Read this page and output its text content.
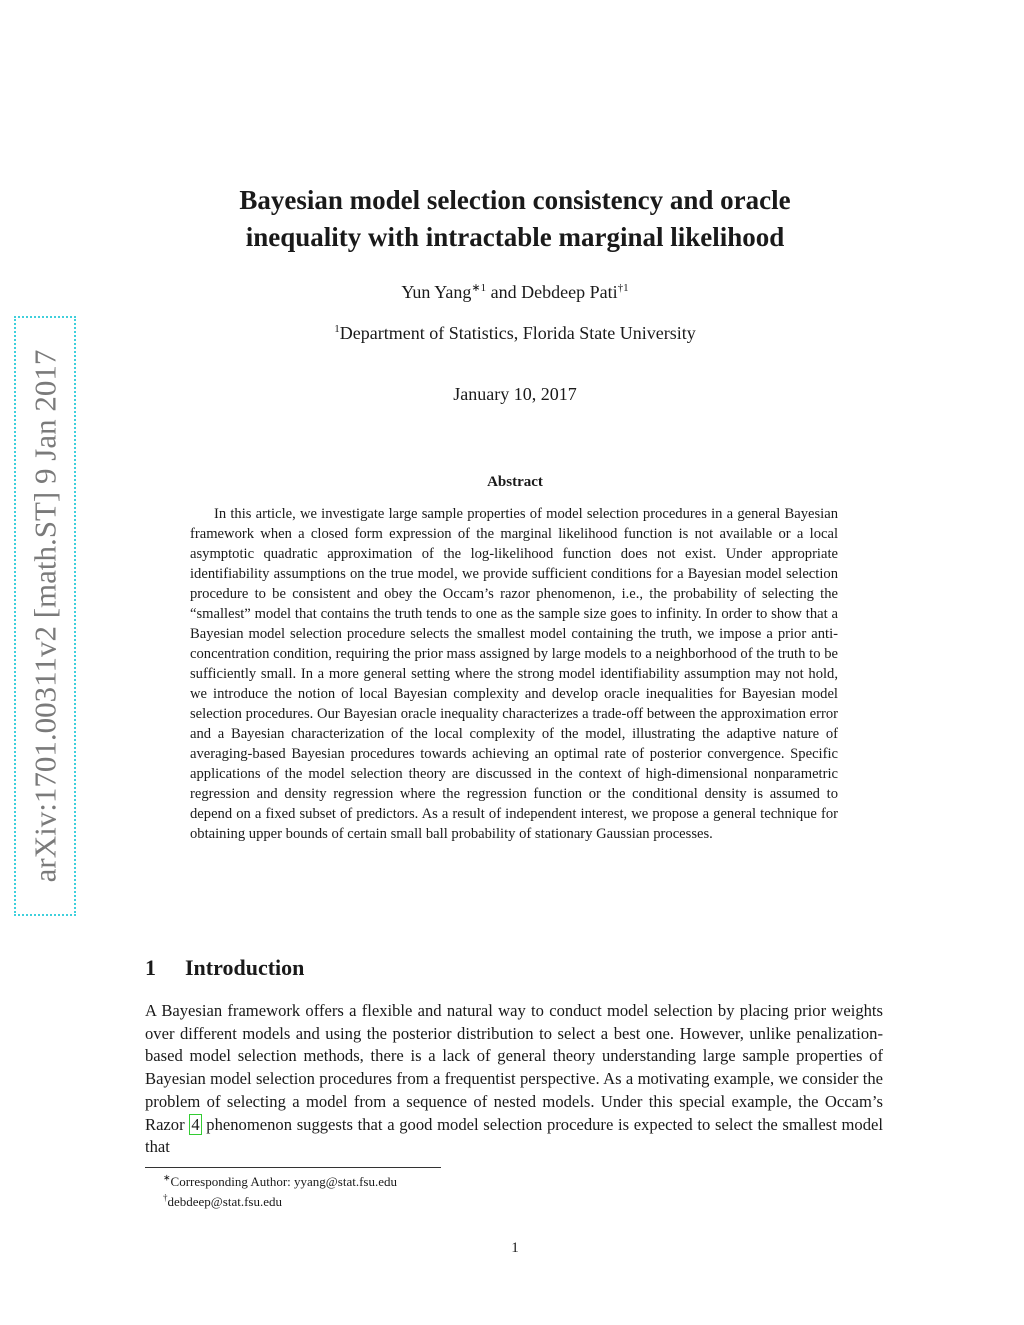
arXiv:1701.00311v2 [math.ST] 9 Jan 2017
Bayesian model selection consistency and oracle
inequality with intractable marginal likelihood
Yun Yang$^{∗1}$ and Debdeep Pati$^{\dagger 1}$
$^1$Department of Statistics, Florida State University
January 10, 2017
Abstract

In this article, we investigate large sample properties of model selection procedures in a general Bayesian framework when a closed form expression of the marginal likelihood function is not available or a local asymptotic quadratic approximation of the log-likelihood function does not exist. Under appropriate identifiability assumptions on the true model, we provide sufficient conditions for a Bayesian model selection procedure to be consistent and obey the Occam’s razor phenomenon, i.e., the probability of selecting the “smallest” model that contains the truth tends to one as the sample size goes to infinity. In order to show that a Bayesian model selection procedure selects the smallest model containing the truth, we impose a prior anti-concentration condition, requiring the prior mass assigned by large models to a neighborhood of the truth to be sufficiently small. In a more general setting where the strong model identifiability assumption may not hold, we introduce the notion of local Bayesian complexity and develop oracle inequalities for Bayesian model selection procedures. Our Bayesian oracle inequality characterizes a trade-off between the approximation error and a Bayesian characterization of the local complexity of the model, illustrating the adaptive nature of averaging-based Bayesian procedures towards achieving an optimal rate of posterior convergence. Specific applications of the model selection theory are discussed in the context of high-dimensional nonparametric regression and density regression where the regression function or the conditional density is assumed to depend on a fixed subset of predictors. As a result of independent interest, we propose a general technique for obtaining upper bounds of certain small ball probability of stationary Gaussian processes.

1 Introduction

A Bayesian framework offers a flexible and natural way to conduct model selection by placing prior weights over different models and using the posterior distribution to select a best one. However, unlike penalization-based model selection methods, there is a lack of general theory understanding large sample properties of Bayesian model selection procedures from a frequentist perspective. As a motivating example, we consider the problem of selecting a model from a sequence of nested models. Under this special example, the Occam’s Razor 4 phenomenon suggests that a good model selection procedure is expected to select the smallest model that

∗Corresponding Author: yyang@stat.fsu.edu
†debdeep@stat.fsu.edu
1
